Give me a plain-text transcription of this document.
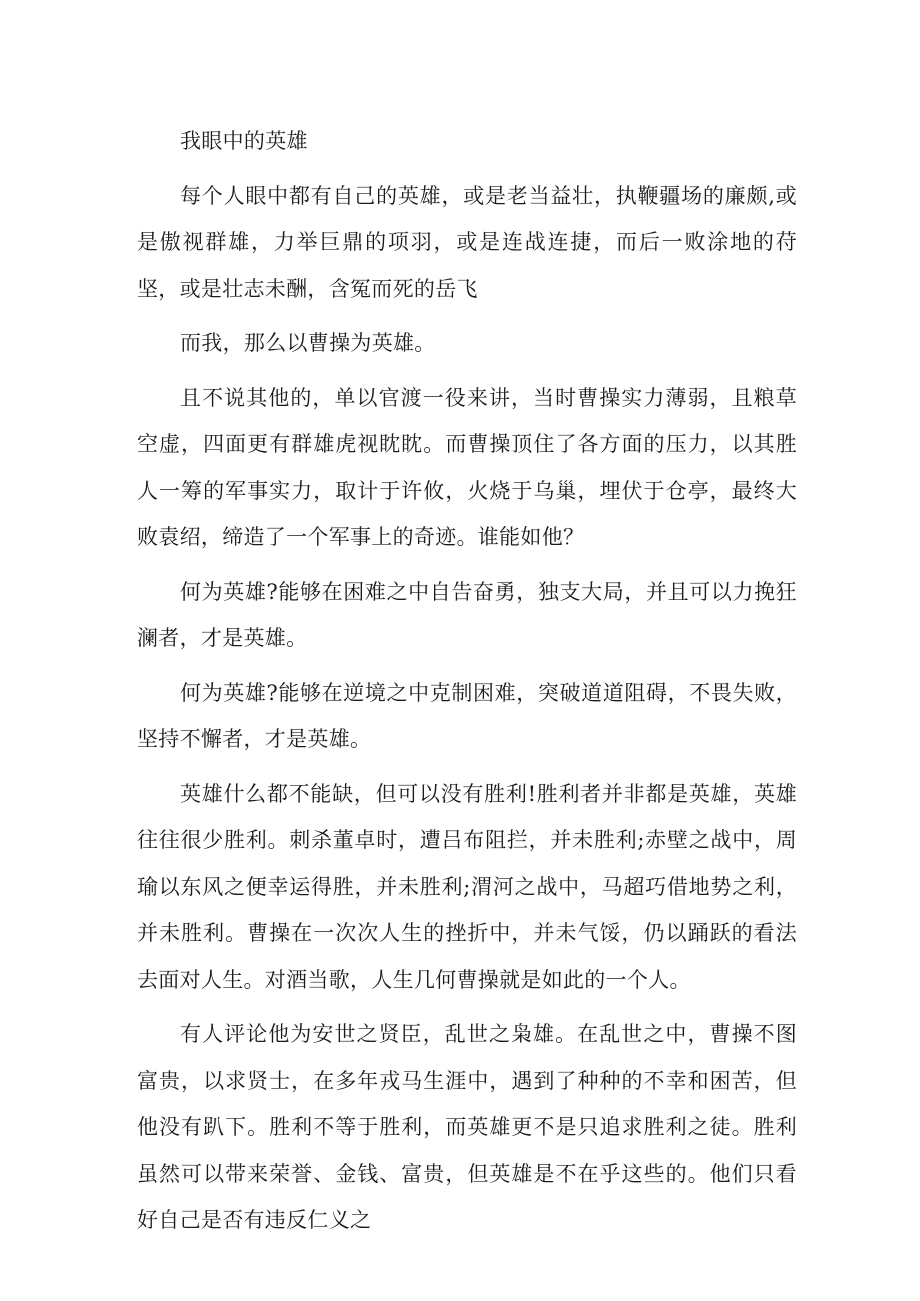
我眼中的英雄

每个人眼中都有自己的英雄，或是老当益壮，执鞭疆场的廉颇,或是傲视群雄，力举巨鼎的项羽，或是连战连捷，而后一败涂地的苻坚，或是壮志未酬，含冤而死的岳飞

而我，那么以曹操为英雄。

且不说其他的，单以官渡一役来讲，当时曹操实力薄弱，且粮草空虚，四面更有群雄虎视眈眈。而曹操顶住了各方面的压力，以其胜人一筹的军事实力，取计于许攸，火烧于乌巢，埋伏于仓亭，最终大败袁绍，缔造了一个军事上的奇迹。谁能如他？

何为英雄?能够在困难之中自告奋勇，独支大局，并且可以力挽狂澜者，才是英雄。

何为英雄?能够在逆境之中克制困难，突破道道阻碍，不畏失败，坚持不懈者，才是英雄。

英雄什么都不能缺，但可以没有胜利!胜利者并非都是英雄，英雄往往很少胜利。刺杀董卓时，遭吕布阻拦，并未胜利;赤壁之战中，周瑜以东风之便幸运得胜，并未胜利;渭河之战中，马超巧借地势之利，并未胜利。曹操在一次次人生的挫折中，并未气馁，仍以踊跃的看法去面对人生。对酒当歌，人生几何曹操就是如此的一个人。

有人评论他为安世之贤臣，乱世之枭雄。在乱世之中，曹操不图富贵，以求贤士，在多年戎马生涯中，遇到了种种的不幸和困苦，但他没有趴下。胜利不等于胜利，而英雄更不是只追求胜利之徒。胜利虽然可以带来荣誉、金钱、富贵，但英雄是不在乎这些的。他们只看好自己是否有违反仁义之
